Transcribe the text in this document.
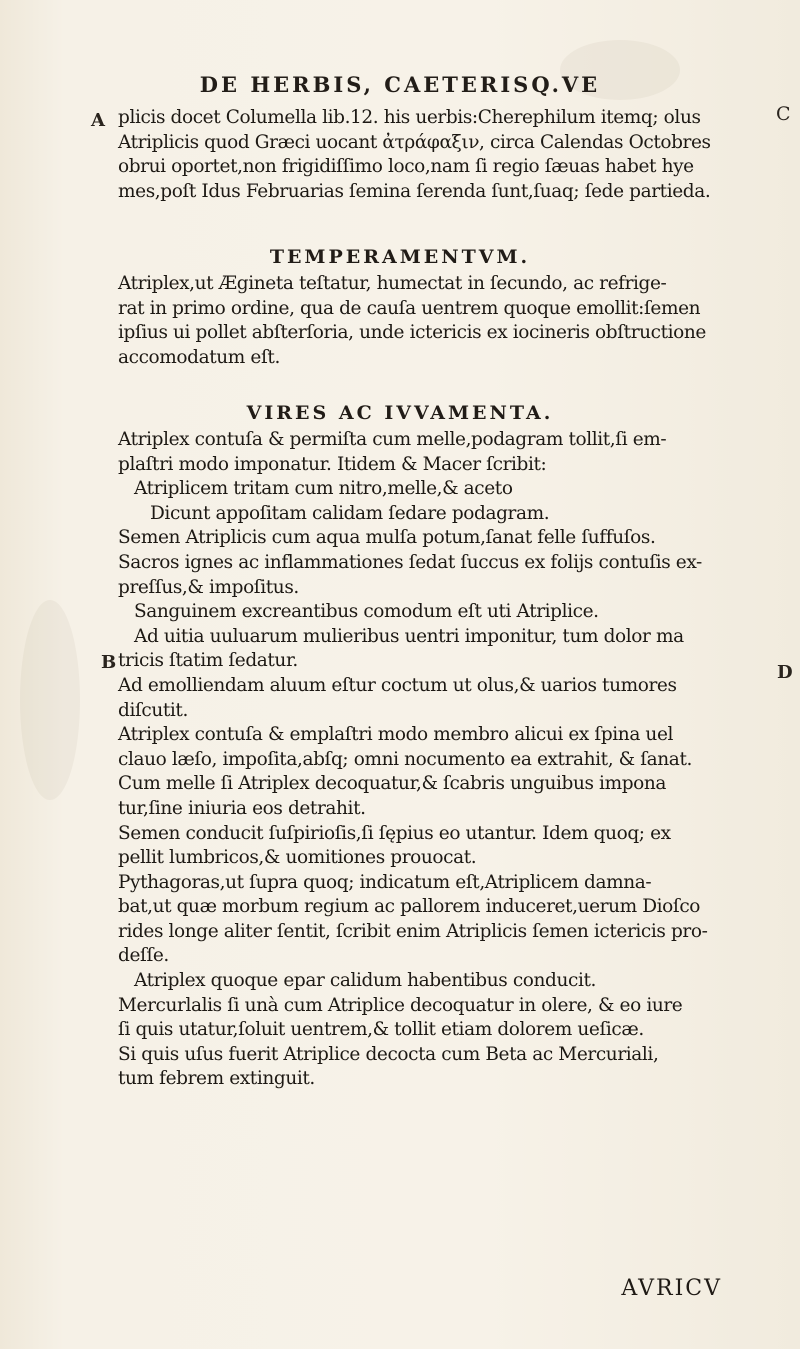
DE HERBIS, CAETERISQ.VE
A	C
B	D
plicis docet Columella lib.12. his uerbis:Cherephilum itemq; olus
Atriplicis quod Græci uocant ἀτράφαξιν, circa Calendas Octobres
obrui oportet,non frigidiſſimo loco,nam ſi regio ſæuas habet hye
mes,poſt Idus Februarias ſemina ſerenda ſunt,ſuaq; ſede partieda.
TEMPERAMENTVM.
Atriplex,ut Ægineta teſtatur, humectat in ſecundo, ac refrige-
rat in primo ordine, qua de cauſa uentrem quoque emollit:ſemen
ipſius ui pollet abſterſoria, unde ictericis ex iocineris obſtructione
accomodatum eſt.
VIRES AC IVVAMENTA.
Atriplex contuſa & permiſta cum melle,podagram tollit,ſi em-
plaſtri modo imponatur. Itidem & Macer ſcribit:
Atriplicem tritam cum nitro,melle,& aceto
Dicunt appoſitam calidam ſedare podagram.
Semen Atriplicis cum aqua mulſa potum,ſanat felle ſuffuſos.
Sacros ignes ac inflammationes ſedat ſuccus ex folijs contuſis ex-
preſſus,& impoſitus.
Sanguinem excreantibus comodum eſt uti Atriplice.
Ad uitia uuluarum mulieribus uentri imponitur, tum dolor ma
tricis ſtatim ſedatur.
Ad emolliendam aluum eſtur coctum ut olus,& uarios tumores
diſcutit.
Atriplex contuſa & emplaſtri modo membro alicui ex ſpina uel
clauo læſo, impoſita,abſq; omni nocumento ea extrahit, & ſanat.
Cum melle ſi Atriplex decoquatur,& ſcabris unguibus impona
tur,ſine iniuria eos detrahit.
Semen conducit ſuſpirioſis,ſi ſępius eo utantur. Idem quoq; ex
pellit lumbricos,& uomitiones prouocat.
Pythagoras,ut ſupra quoq; indicatum eſt,Atriplicem damna-
bat,ut quæ morbum regium ac pallorem induceret,uerum Dioſco
rides longe aliter ſentit, ſcribit enim Atriplicis ſemen ictericis pro-
deſſe.
Atriplex quoque epar calidum habentibus conducit.
Mercurlalis ſi unà cum Atriplice decoquatur in olere, & eo iure
ſi quis utatur,ſoluit uentrem,& tollit etiam dolorem ueſicæ.
Si quis uſus fuerit Atriplice decocta cum Beta ac Mercuriali,
tum febrem extinguit.
AVRICV
